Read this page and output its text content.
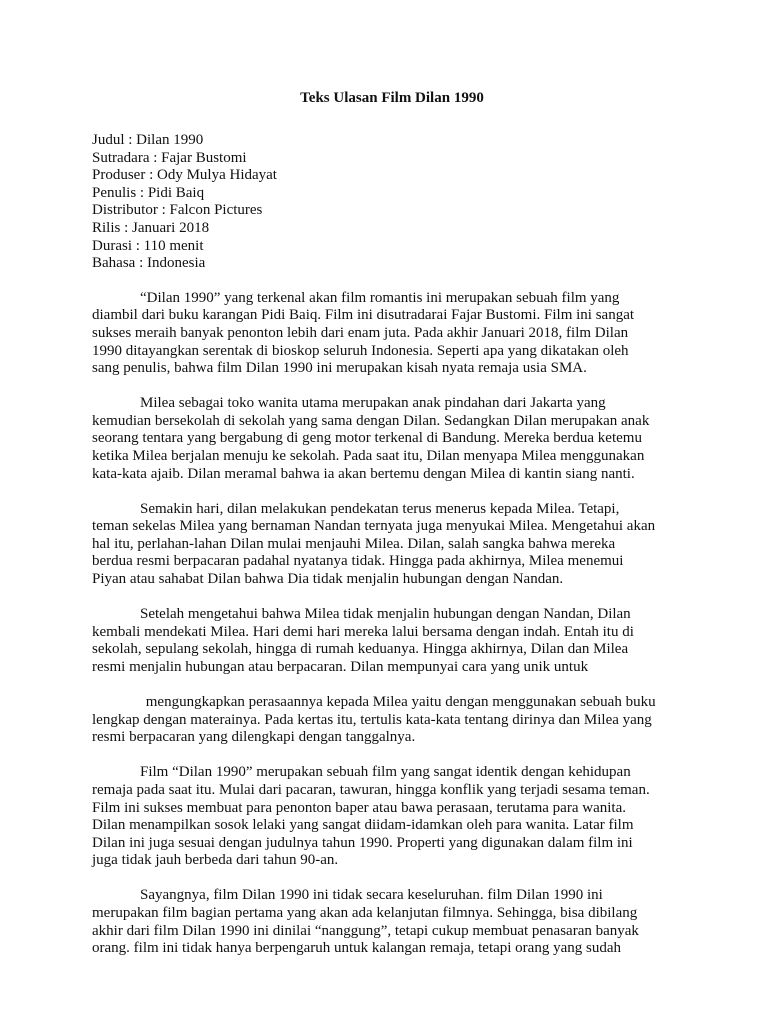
Teks Ulasan Film Dilan 1990
Judul : Dilan 1990
Sutradara : Fajar Bustomi
Produser : Ody Mulya Hidayat
Penulis : Pidi Baiq
Distributor : Falcon Pictures
Rilis : Januari 2018
Durasi : 110 menit
Bahasa : Indonesia
“Dilan 1990” yang terkenal akan film romantis ini merupakan sebuah film yang
diambil dari buku karangan Pidi Baiq. Film ini disutradarai Fajar Bustomi. Film ini sangat
sukses meraih banyak penonton lebih dari enam juta. Pada akhir Januari 2018, film Dilan
1990 ditayangkan serentak di bioskop seluruh Indonesia. Seperti apa yang dikatakan oleh
sang penulis, bahwa film Dilan 1990 ini merupakan kisah nyata remaja usia SMA.
Milea sebagai toko wanita utama merupakan anak pindahan dari Jakarta yang
kemudian bersekolah di sekolah yang sama dengan Dilan. Sedangkan Dilan merupakan anak
seorang tentara yang bergabung di geng motor terkenal di Bandung. Mereka berdua ketemu
ketika Milea berjalan menuju ke sekolah. Pada saat itu, Dilan menyapa Milea menggunakan
kata-kata ajaib. Dilan meramal bahwa ia akan bertemu dengan Milea di kantin siang nanti.
Semakin hari, dilan melakukan pendekatan terus menerus kepada Milea. Tetapi,
teman sekelas Milea yang bernaman Nandan ternyata juga menyukai Milea. Mengetahui akan
hal itu, perlahan-lahan Dilan mulai menjauhi Milea. Dilan, salah sangka bahwa mereka
berdua resmi berpacaran padahal nyatanya tidak. Hingga pada akhirnya, Milea menemui
Piyan atau sahabat Dilan bahwa Dia tidak menjalin hubungan dengan Nandan.
Setelah mengetahui bahwa Milea tidak menjalin hubungan dengan Nandan, Dilan
kembali mendekati Milea. Hari demi hari mereka lalui bersama dengan indah. Entah itu di
sekolah, sepulang sekolah, hingga di rumah keduanya. Hingga akhirnya, Dilan dan Milea
resmi menjalin hubungan atau berpacaran. Dilan mempunyai cara yang unik untuk
mengungkapkan perasaannya kepada Milea yaitu dengan menggunakan sebuah buku
lengkap dengan materainya. Pada kertas itu, tertulis kata-kata tentang dirinya dan Milea yang
resmi berpacaran yang dilengkapi dengan tanggalnya.
Film “Dilan 1990” merupakan sebuah film yang sangat identik dengan kehidupan
remaja pada saat itu. Mulai dari pacaran, tawuran, hingga konflik yang terjadi sesama teman.
Film ini sukses membuat para penonton baper atau bawa perasaan, terutama para wanita.
Dilan menampilkan sosok lelaki yang sangat diidam-idamkan oleh para wanita. Latar film
Dilan ini juga sesuai dengan judulnya tahun 1990. Properti yang digunakan dalam film ini
juga tidak jauh berbeda dari tahun 90-an.
Sayangnya, film Dilan 1990 ini tidak secara keseluruhan. film Dilan 1990 ini
merupakan film bagian pertama yang akan ada kelanjutan filmnya. Sehingga, bisa dibilang
akhir dari film Dilan 1990 ini dinilai “nanggung”, tetapi cukup membuat penasaran banyak
orang. film ini tidak hanya berpengaruh untuk kalangan remaja, tetapi orang yang sudah
